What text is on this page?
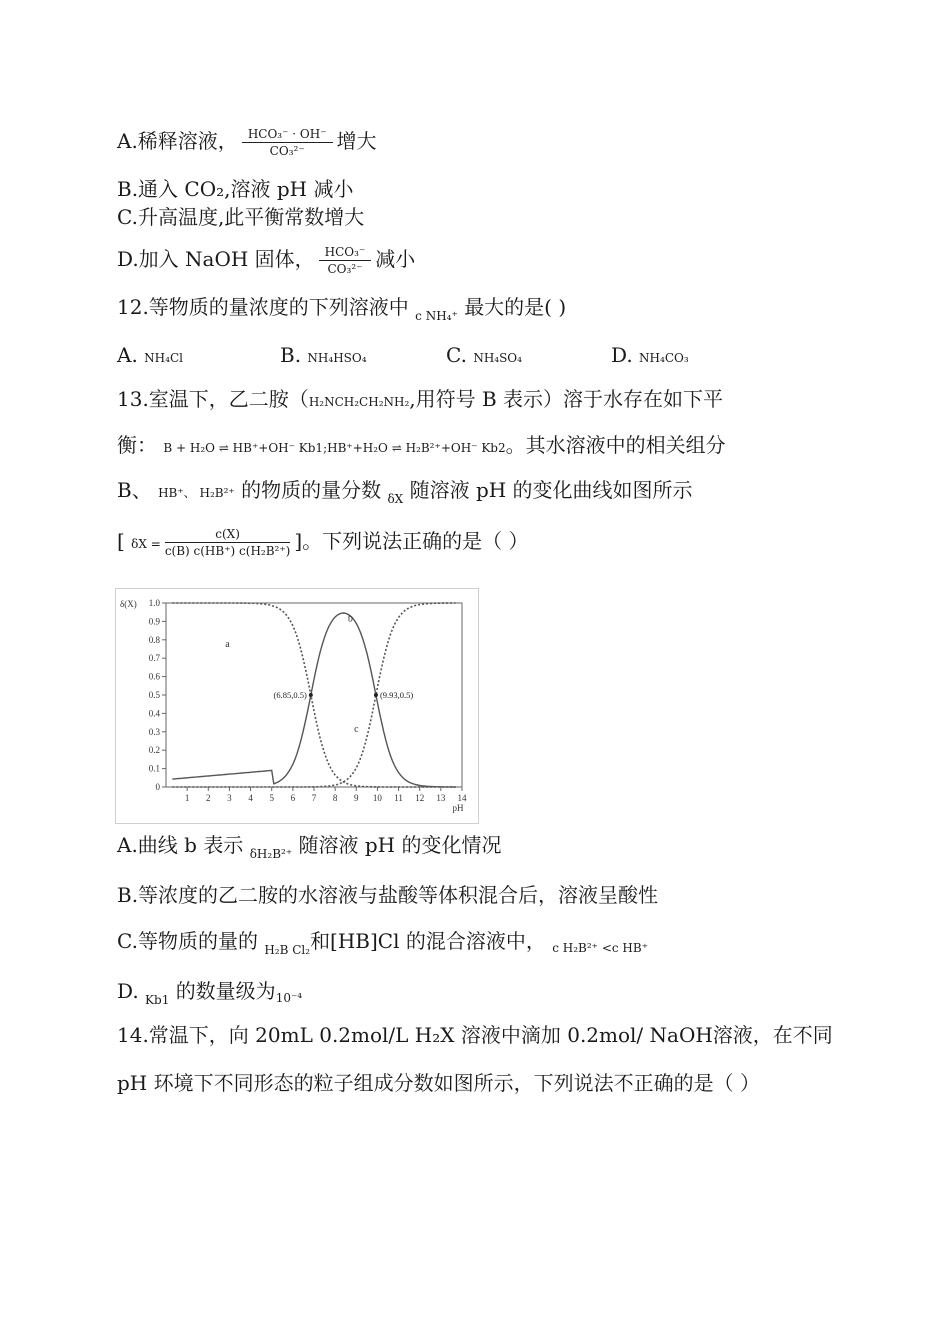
A.稀释溶液， $\frac{\text{HCO₃⁻ · OH⁻}}{\text{CO₃²⁻}}$ 增大
B.通入 CO₂,溶液 pH 减小
C.升高温度,此平衡常数增大
D.加入 NaOH 固体， $\frac{\text{HCO₃⁻}}{\text{CO₃²⁻}}$ 减小
12.等物质的量浓度的下列溶液中 $_{c NH_4^+}$ 最大的是( )
A. NH₄Cl	B. NH₄HSO₄	C. NH₄SO₄	D. NH₄CO₃
13.室温下，乙二胺（H₂NCH₂CH₂NH₂,用符号 B 表示）溶于水存在如下平
衡： B + H₂O ⇌ HB⁺+OH⁻ Kb1;HB⁺+H₂O ⇌ H₂B²⁺+OH⁻ Kb2。其水溶液中的相关组分
B、 HB⁺、 H₂B²⁺ 的物质的量分数 $_{\delta X}$ 随溶液 pH 的变化曲线如图所示
[ $\delta X = \frac{c(X)}{\text{c(B) c(HB⁺) c(H₂B²⁺)}}$ ]。下列说法正确的是（ ）
0
0.1
0.2
0.3
0.4
0.5
0.6
0.7
0.8
0.9
1.0
1 2 3 4 5 6 7 8 9 10 11 12 13 14
δ(X)
pH
a
b
c
(6.85,0.5)	(9.93,0.5)
A.曲线 b 表示 $_{\delta H_2B^{2+}}$ 随溶液 pH 的变化情况
B.等浓度的乙二胺的水溶液与盐酸等体积混合后，溶液呈酸性
C.等物质的量的 $_{H_2B Cl_2}$和[HB]Cl 的混合溶液中， $_{c H_2B^{2+} <c HB^+}$
D. $_{Kb1}$ 的数量级为$_{10^{-4}}$
14.常温下，向 20mL 0.2mol/L H₂X 溶液中滴加 0.2mol/ NaOH溶液，在不同
pH 环境下不同形态的粒子组成分数如图所示，下列说法不正确的是（ ）
